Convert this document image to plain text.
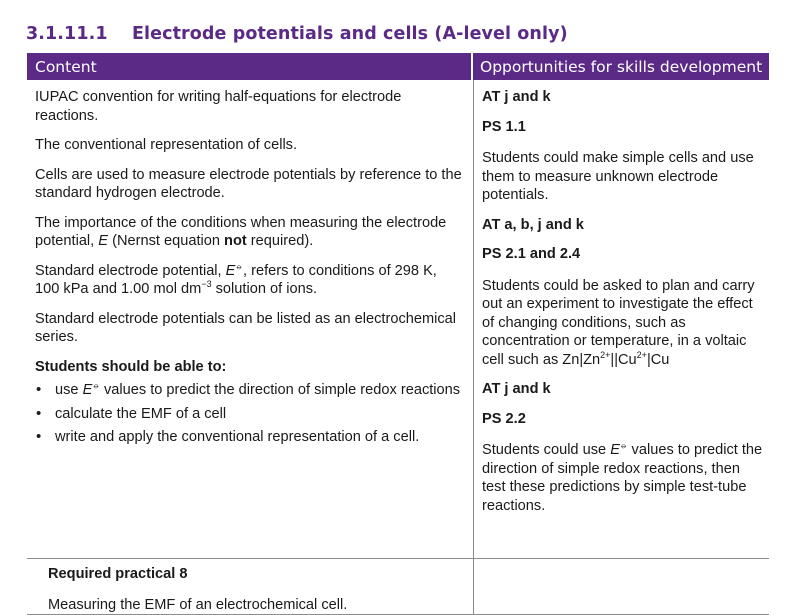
3.1.11.1 Electrode potentials and cells (A-level only)
Content	Opportunities for skills development

IUPAC convention for writing half-equations for electrode reactions.

The conventional representation of cells.

Cells are used to measure electrode potentials by reference to the standard hydrogen electrode.

The importance of the conditions when measuring the electrode potential, E (Nernst equation not required).

Standard electrode potential, E⦵, refers to conditions of 298 K, 100 kPa and 1.00 mol $dm^{-3}$ solution of ions.

Standard electrode potentials can be listed as an electrochemical series.

Students should be able to:

• use E⦵ values to predict the direction of simple redox reactions
• calculate the EMF of a cell
• write and apply the conventional representation of a cell.

AT j and k

PS 1.1

Students could make simple cells and use them to measure unknown electrode potentials.

AT a, b, j and k

PS 2.1 and 2.4

Students could be asked to plan and carry out an experiment to investigate the effect of changing conditions, such as concentration or temperature, in a voltaic cell such as $Zn|Zn^{2+}||Cu^{2+}|Cu$

AT j and k

PS 2.2

Students could use E⦵ values to predict the direction of simple redox reactions, then test these predictions by simple test-tube reactions.

Required practical 8

Measuring the EMF of an electrochemical cell.
